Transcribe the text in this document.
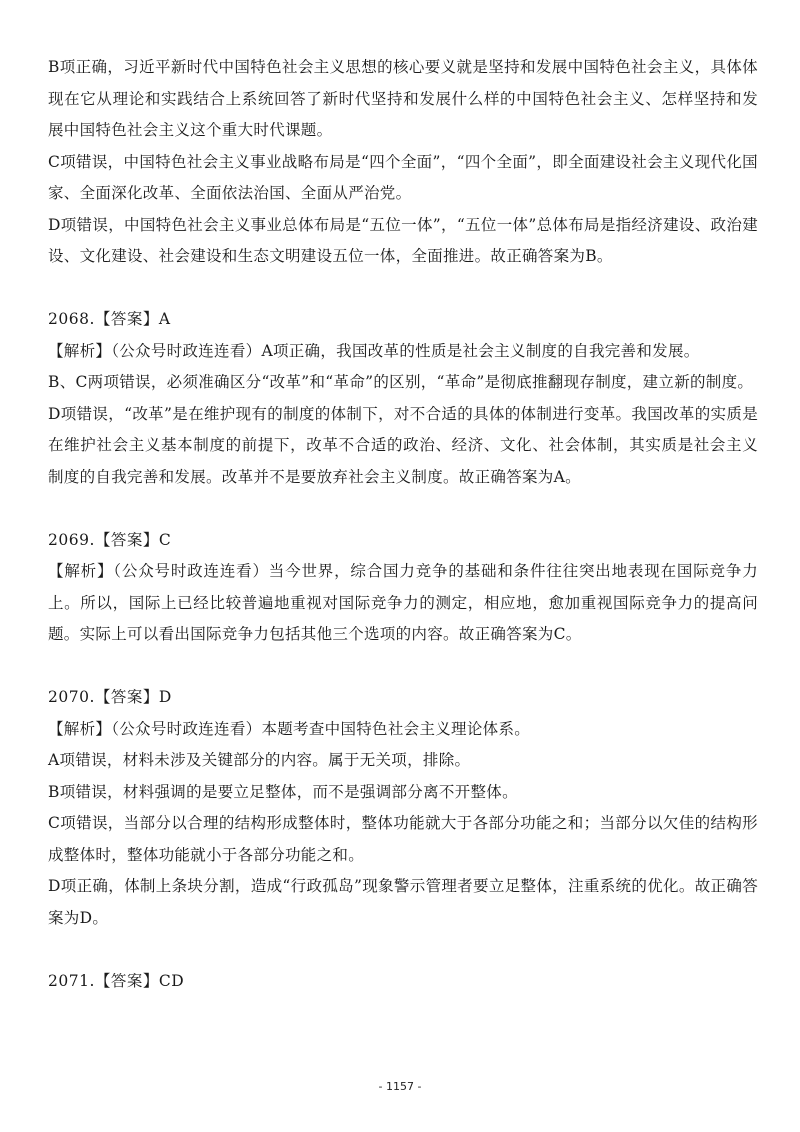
B项正确，习近平新时代中国特色社会主义思想的核心要义就是坚持和发展中国特色社会主义，具体体现在它从理论和实践结合上系统回答了新时代坚持和发展什么样的中国特色社会主义、怎样坚持和发展中国特色社会主义这个重大时代课题。

C项错误，中国特色社会主义事业战略布局是“四个全面”，“四个全面”，即全面建设社会主义现代化国家、全面深化改革、全面依法治国、全面从严治党。

D项错误，中国特色社会主义事业总体布局是“五位一体”，“五位一体”总体布局是指经济建设、政治建设、文化建设、社会建设和生态文明建设五位一体，全面推进。故正确答案为B。

2068.【答案】A

【解析】（公众号时政连连看）A项正确，我国改革的性质是社会主义制度的自我完善和发展。

B、C两项错误，必须准确区分“改革”和“革命”的区别，“革命”是彻底推翻现存制度，建立新的制度。

D项错误，“改革”是在维护现有的制度的体制下，对不合适的具体的体制进行变革。我国改革的实质是在维护社会主义基本制度的前提下，改革不合适的政治、经济、文化、社会体制，其实质是社会主义制度的自我完善和发展。改革并不是要放弃社会主义制度。故正确答案为A。

2069.【答案】C

【解析】（公众号时政连连看）当今世界，综合国力竞争的基础和条件往往突出地表现在国际竞争力上。所以，国际上已经比较普遍地重视对国际竞争力的测定，相应地，愈加重视国际竞争力的提高问题。实际上可以看出国际竞争力包括其他三个选项的内容。故正确答案为C。

2070.【答案】D

【解析】（公众号时政连连看）本题考查中国特色社会主义理论体系。

A项错误，材料未涉及关键部分的内容。属于无关项，排除。

B项错误，材料强调的是要立足整体，而不是强调部分离不开整体。

C项错误，当部分以合理的结构形成整体时，整体功能就大于各部分功能之和；当部分以欠佳的结构形成整体时，整体功能就小于各部分功能之和。

D项正确，体制上条块分割，造成“行政孤岛”现象警示管理者要立足整体，注重系统的优化。故正确答案为D。

2071.【答案】CD

- 1157 -
